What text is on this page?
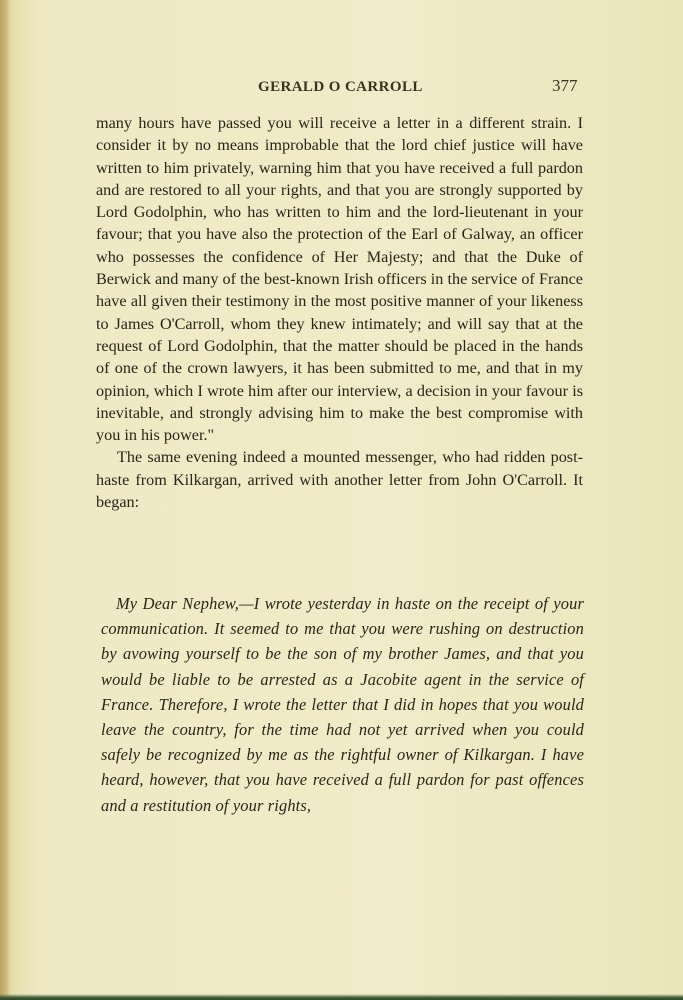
GERALD O CARROLL	377

many hours have passed you will receive a letter in a different strain. I consider it by no means improbable that the lord chief justice will have written to him privately, warning him that you have received a full pardon and are restored to all your rights, and that you are strongly supported by Lord Godolphin, who has written to him and the lord-lieutenant in your favour; that you have also the protection of the Earl of Galway, an officer who possesses the confidence of Her Majesty; and that the Duke of Berwick and many of the best-known Irish officers in the service of France have all given their testimony in the most positive manner of your likeness to James O'Carroll, whom they knew intimately; and will say that at the request of Lord Godolphin, that the matter should be placed in the hands of one of the crown lawyers, it has been submitted to me, and that in my opinion, which I wrote him after our interview, a decision in your favour is inevitable, and strongly advising him to make the best compromise with you in his power."

The same evening indeed a mounted messenger, who had ridden post-haste from Kilkargan, arrived with another letter from John O'Carroll. It began:

My Dear Nephew,—I wrote yesterday in haste on the receipt of your communication. It seemed to me that you were rushing on destruction by avowing yourself to be the son of my brother James, and that you would be liable to be arrested as a Jacobite agent in the service of France. Therefore, I wrote the letter that I did in hopes that you would leave the country, for the time had not yet arrived when you could safely be recognized by me as the rightful owner of Kilkargan. I have heard, however, that you have received a full pardon for past offences and a restitution of your rights,
